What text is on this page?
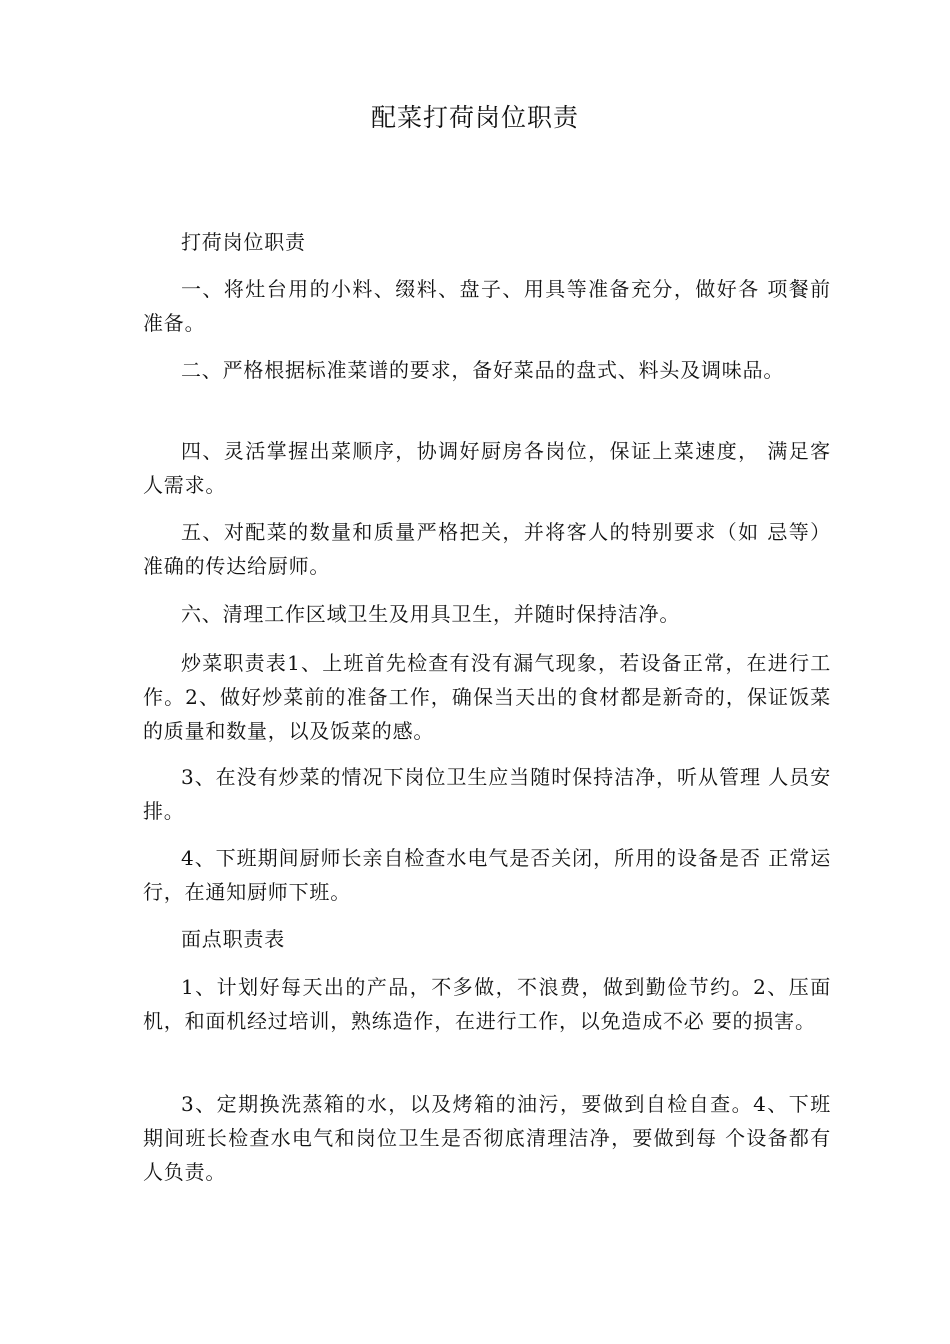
配菜打荷岗位职责

打荷岗位职责

一、将灶台用的小料、缀料、盘子、用具等准备充分，做好各 项餐前准备。

二、严格根据标准菜谱的要求，备好菜品的盘式、料头及调味品。

四、灵活掌握出菜顺序，协调好厨房各岗位，保证上菜速度， 满足客人需求。

五、对配菜的数量和质量严格把关，并将客人的特别要求（如 忌等）准确的传达给厨师。

六、清理工作区域卫生及用具卫生，并随时保持洁净。

炒菜职责表1、上班首先检查有没有漏气现象，若设备正常，在进行工作。2、做好炒菜前的准备工作，确保当天出的食材都是新奇的，保证饭菜的质量和数量，以及饭菜的感。

3、在没有炒菜的情况下岗位卫生应当随时保持洁净，听从管理 人员安排。

4、下班期间厨师长亲自检查水电气是否关闭，所用的设备是否 正常运行，在通知厨师下班。

面点职责表

1、计划好每天出的产品，不多做，不浪费，做到勤俭节约。2、压面机，和面机经过培训，熟练造作，在进行工作，以免造成不必 要的损害。

3、定期换洗蒸箱的水，以及烤箱的油污，要做到自检自查。4、下班期间班长检查水电气和岗位卫生是否彻底清理洁净，要做到每 个设备都有人负责。
